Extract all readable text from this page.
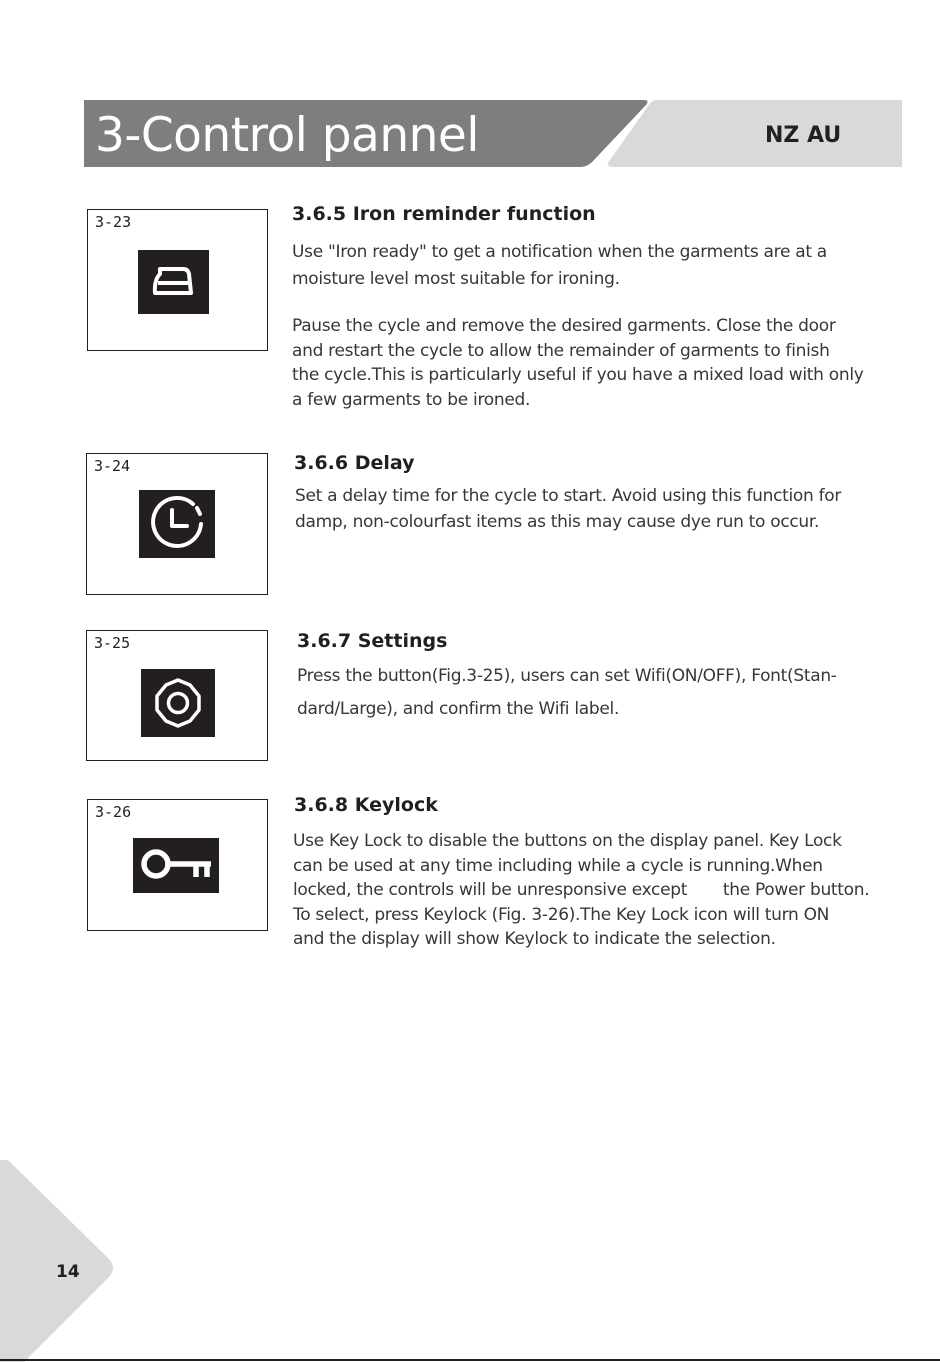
3-Control pannel	NZ AU
3-23	3.6.5 Iron reminder function

Use "Iron ready" to get a notification when the garments are at a
moisture level most suitable for ironing.

Pause the cycle and remove the desired garments. Close the door
and restart the cycle to allow the remainder of garments to finish
the cycle.This is particularly useful if you have a mixed load with only
a few garments to be ironed.

3-24	3.6.6 Delay

Set a delay time for the cycle to start. Avoid using this function for
damp, non-colourfast items as this may cause dye run to occur.

3-25	3.6.7 Settings

Press the button(Fig.3-25), users can set Wifi(ON/OFF), Font(Stan-
dard/Large), and confirm the Wifi label.

3-26	3.6.8 Keylock

Use Key Lock to disable the buttons on the display panel. Key Lock
can be used at any time including while a cycle is running.When
locked, the controls will be unresponsive except       the Power button.
To select, press Keylock (Fig. 3-26).The Key Lock icon will turn ON
and the display will show Keylock to indicate the selection.

14
